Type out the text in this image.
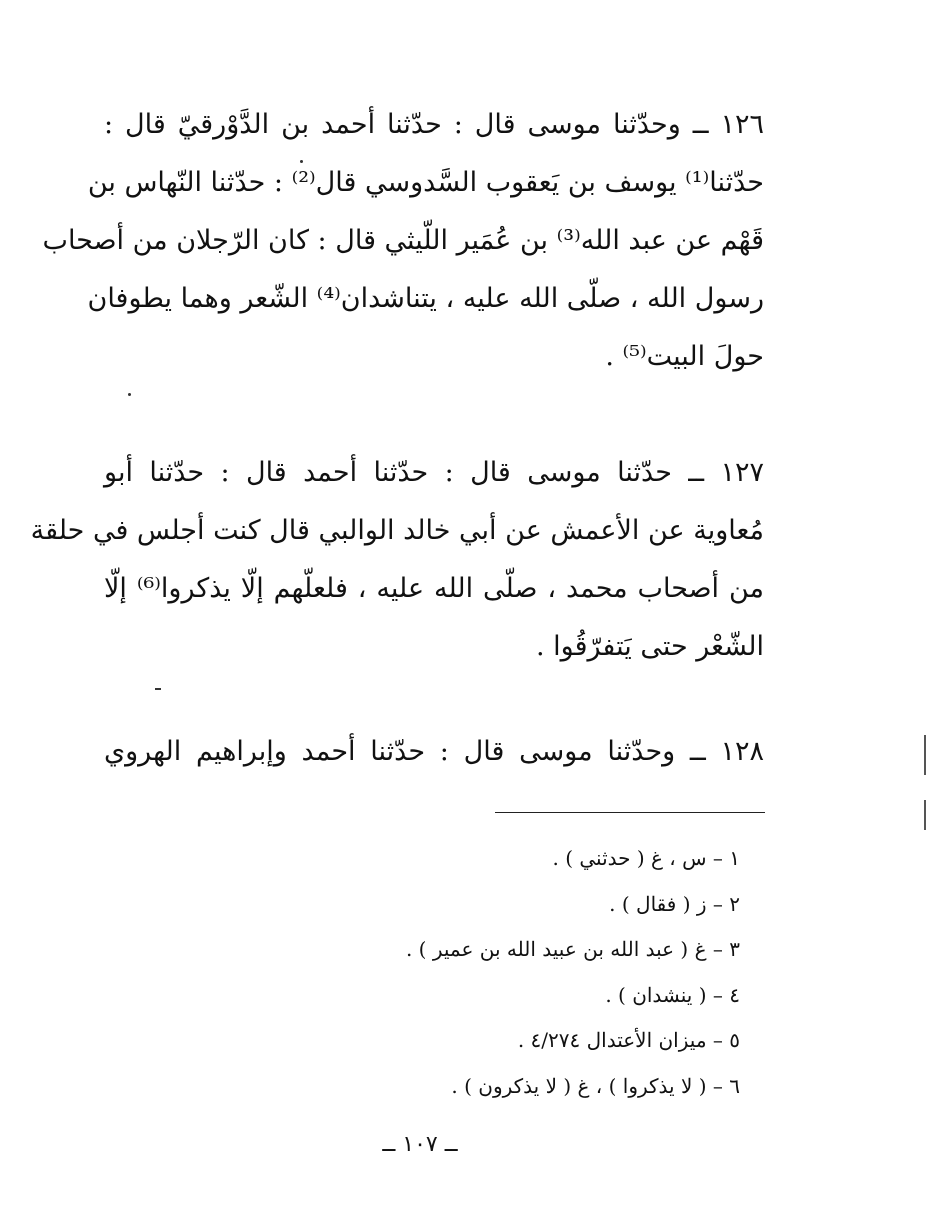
١٢٦ ــ وحدّثنا موسى قال : حدّثنا أحمد بن الدَّوْرقيّ قال :
حدّثنا⁽¹⁾ يوسف بن يَعقوب السَّدوسي قال⁽²⁾ : حدّثنا النّهاس بن
قَهْم عن عبد الله⁽³⁾ بن عُمَير اللّيثي قال : كان الرّجلان من أصحاب
رسول الله ، صلّى الله عليه ، يتناشدان⁽⁴⁾ الشّعر وهما يطوفان
حولَ البيت⁽⁵⁾ .
١٢٧ ــ حدّثنا موسى قال : حدّثنا أحمد قال : حدّثنا أبو
مُعاوية عن الأعمش عن أبي خالد الوالبي قال كنت أجلس في حلقة
من أصحاب محمد ، صلّى الله عليه ، فلعلّهم إلّا يذكروا⁽⁶⁾ إلّا
الشّعْر حتى يَتفرّقُوا .
١٢٨ ــ وحدّثنا موسى قال : حدّثنا أحمد وإبراهيم الهروي
١ – س ، غ ( حدثني ) .
٢ – ز ( فقال ) .
٣ – غ ( عبد الله بن عبيد الله بن عمير ) .
٤ – ( ينشدان ) .
٥ – ميزان الأعتدال ٤/٢٧٤ .
٦ – ( لا يذكروا ) ، غ ( لا يذكرون ) .
ــ ١٠٧ ــ
